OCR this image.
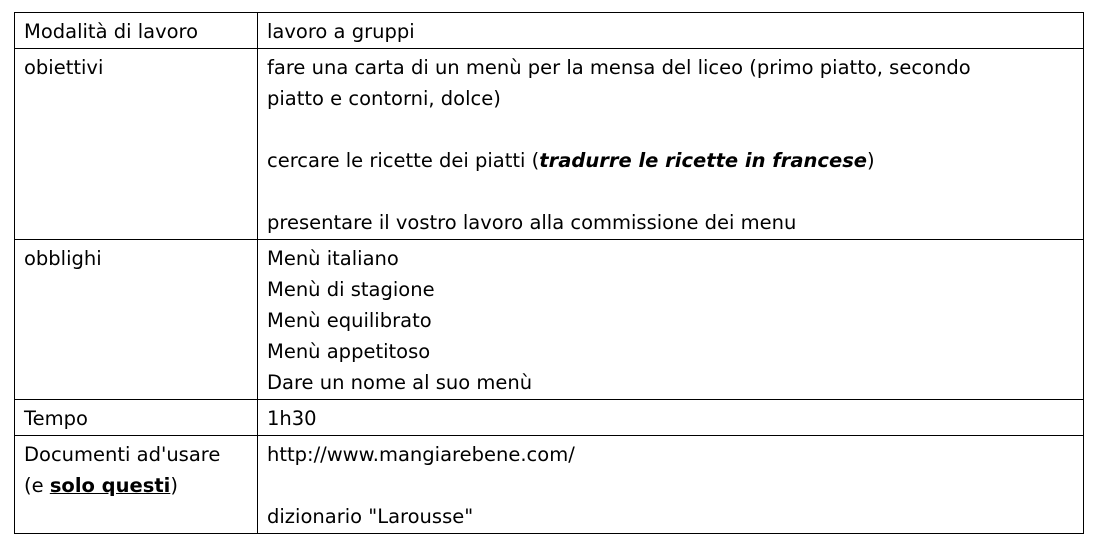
Modalità di lavoro	lavoro a gruppi

obiettivi	fare una carta di un menù per la mensa del liceo (primo piatto, secondo
piatto e contorni, dolce)
cercare le ricette dei piatti (tradurre le ricette in francese)
presentare il vostro lavoro alla commissione dei menu

obblighi	Menù italiano
Menù di stagione
Menù equilibrato
Menù appetitoso
Dare un nome al suo menù

Tempo	1h30

Documenti ad'usare
(e solo questi)	http://www.mangiarebene.com/
dizionario "Larousse"
